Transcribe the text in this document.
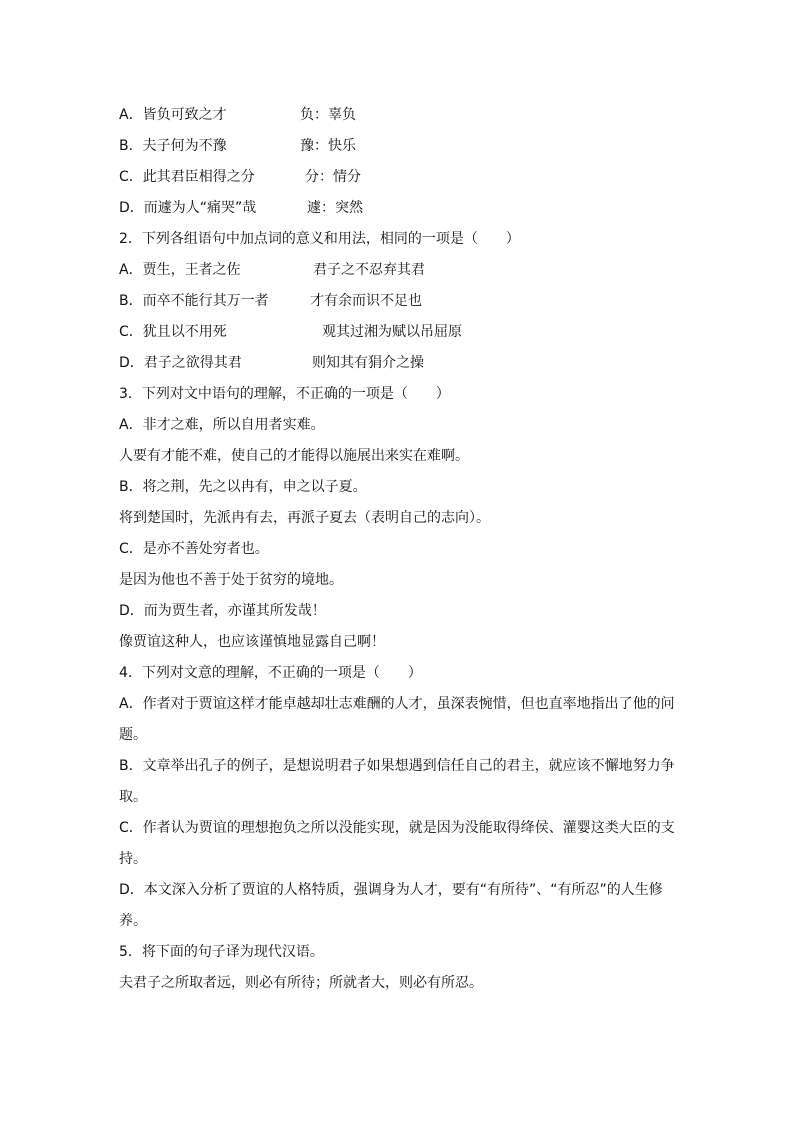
A．皆负可致之才	负：辜负
B．夫子何为不豫	豫：快乐
C．此其君臣相得之分	分：情分
D．而遽为人“痛哭”哉	遽：突然
2．下列各组语句中加点词的意义和用法，相同的一项是（　　）
A．贾生，王者之佐	君子之不忍弃其君
B．而卒不能行其万一者	才有余而识不足也
C．犹且以不用死	观其过湘为赋以吊屈原
D．君子之欲得其君	则知其有狷介之操
3．下列对文中语句的理解，不正确的一项是（　　）
A．非才之难，所以自用者实难。
人要有才能不难，使自己的才能得以施展出来实在难啊。
B．将之荆，先之以冉有，申之以子夏。
将到楚国时，先派冉有去，再派子夏去（表明自己的志向）。
C．是亦不善处穷者也。
是因为他也不善于处于贫穷的境地。
D．而为贾生者，亦谨其所发哉！
像贾谊这种人，也应该谨慎地显露自己啊！
4．下列对文意的理解，不正确的一项是（　　）
A．作者对于贾谊这样才能卓越却壮志难酬的人才，虽深表惋惜，但也直率地指出了他的问题。
B．文章举出孔子的例子，是想说明君子如果想遇到信任自己的君主，就应该不懈地努力争取。
C．作者认为贾谊的理想抱负之所以没能实现，就是因为没能取得绛侯、灌婴这类大臣的支持。
D．本文深入分析了贾谊的人格特质，强调身为人才，要有“有所待”、“有所忍”的人生修养。
5．将下面的句子译为现代汉语。
夫君子之所取者远，则必有所待；所就者大，则必有所忍。
